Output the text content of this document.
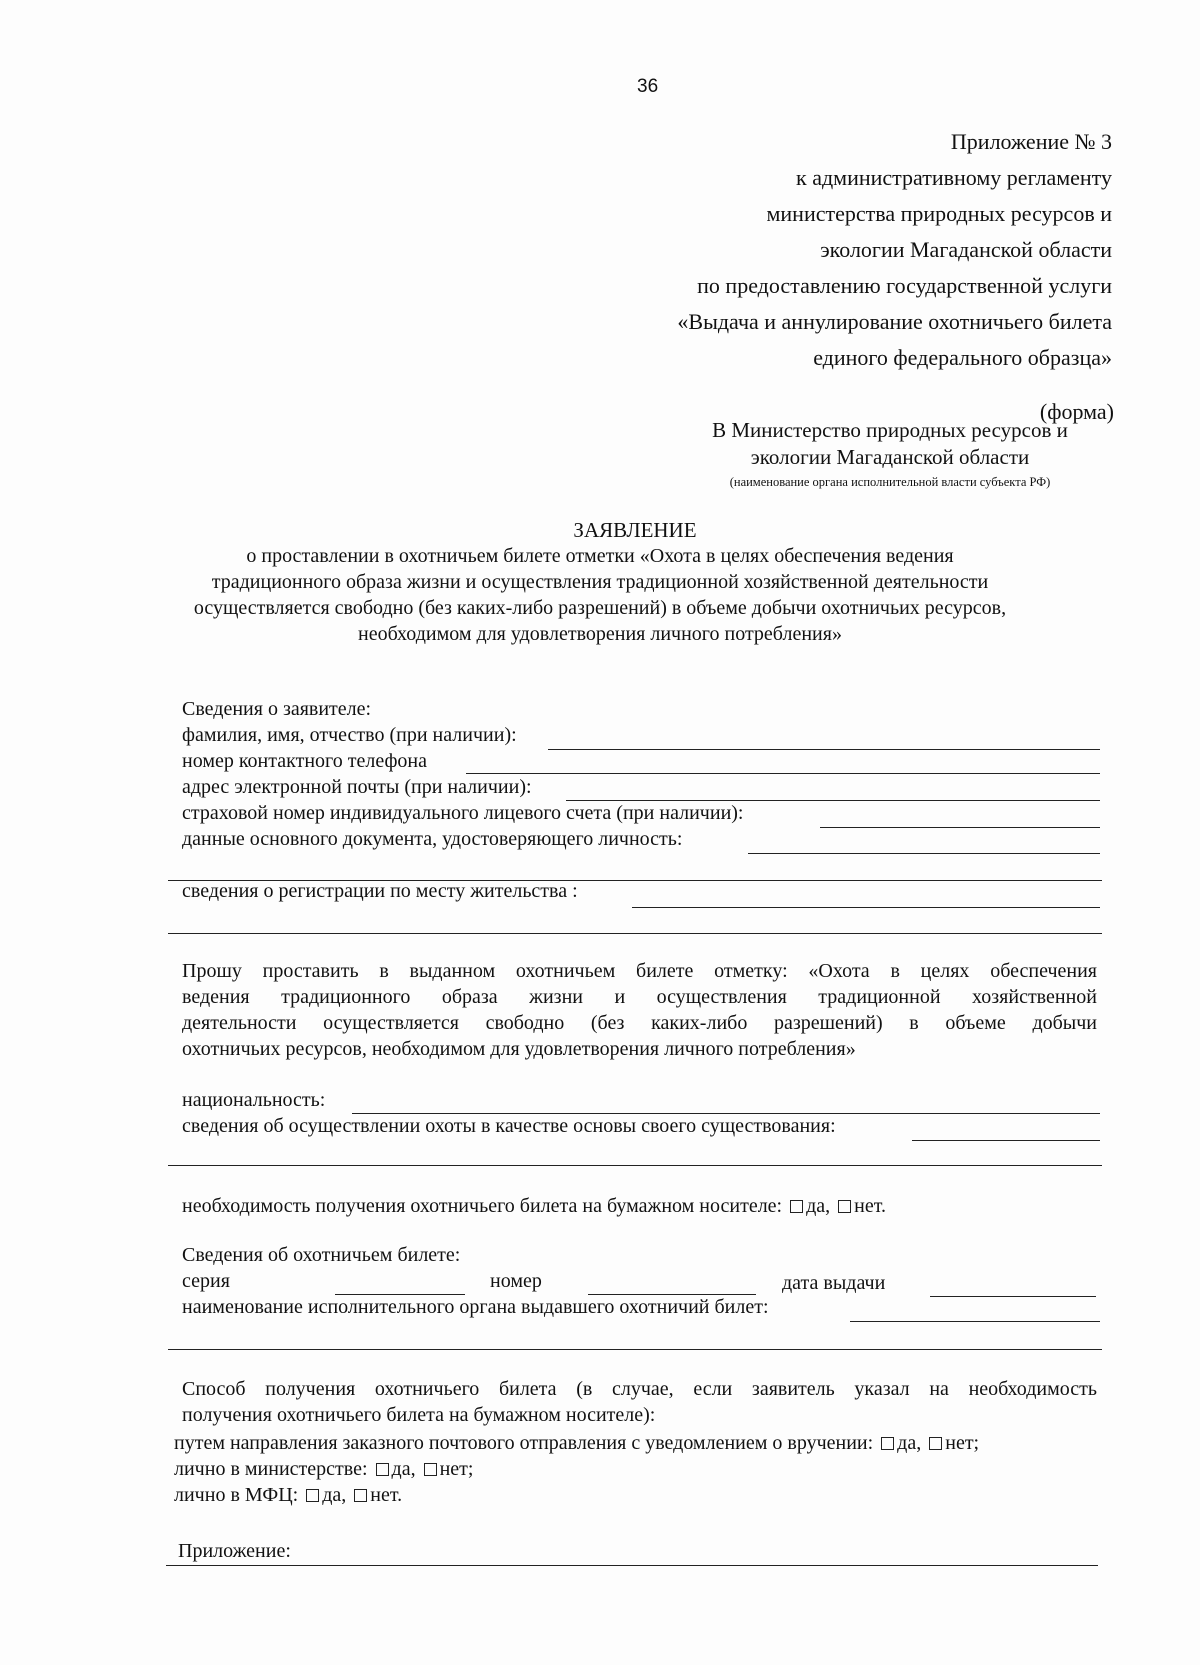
36
Приложение № 3
к административному регламенту
министерства природных ресурсов и
экологии Магаданской области
по предоставлению государственной услуги
«Выдача и аннулирование охотничьего билета
единого федерального образца»
(форма)
В Министерство природных ресурсов и
экологии Магаданской области
(наименование органа исполнительной власти субъекта РФ)
ЗАЯВЛЕНИЕ
о проставлении в охотничьем билете отметки «Охота в целях обеспечения ведения
традиционного образа жизни и осуществления традиционной хозяйственной деятельности
осуществляется свободно (без каких-либо разрешений) в объеме добычи охотничьих ресурсов,
необходимом для удовлетворения личного потребления»
Сведения о заявителе:
фамилия, имя, отчество (при наличии):
номер контактного телефона
адрес электронной почты (при наличии):
страховой номер индивидуального лицевого счета (при наличии):
данные основного документа, удостоверяющего личность:
сведения о регистрации по месту жительства :
Прошу проставить в выданном охотничьем билете отметку: «Охота в целях обеспечения
ведения традиционного образа жизни и осуществления традиционной хозяйственной
деятельности осуществляется свободно (без каких-либо разрешений) в объеме добычи
охотничьих ресурсов, необходимом для удовлетворения личного потребления»
национальность:
сведения об осуществлении охоты в качестве основы своего существования:
необходимость получения охотничьего билета на бумажном носителе: да, нет.
Сведения об охотничьем билете:
серия	номер	дата выдачи
наименование исполнительного органа выдавшего охотничий билет:
Способ получения охотничьего билета (в случае, если заявитель указал на необходимость
получения охотничьего билета на бумажном носителе):
путем направления заказного почтового отправления с уведомлением о вручении: да, нет;
лично в министерстве: да, нет;
лично в МФЦ: да, нет.
Приложение:
